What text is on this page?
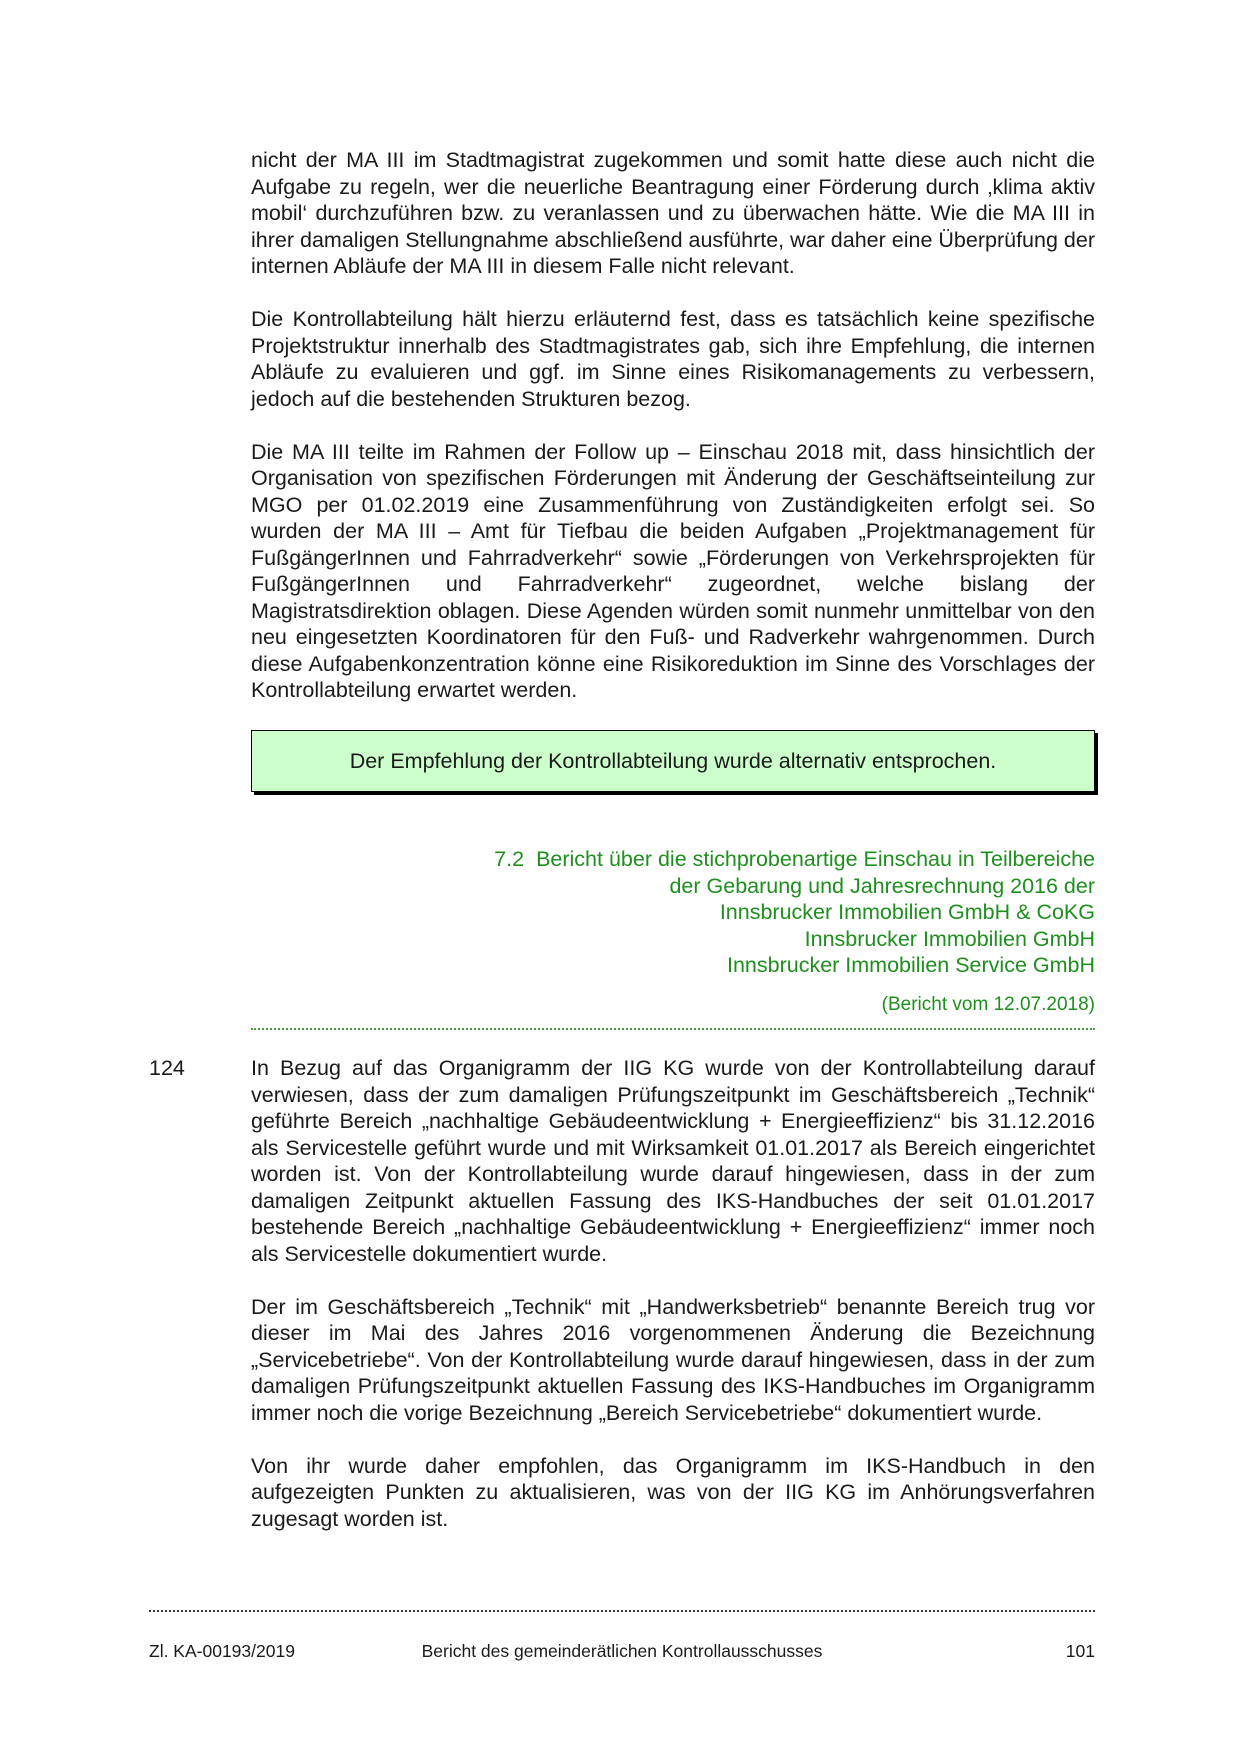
nicht der MA III im Stadtmagistrat zugekommen und somit hatte diese auch nicht die Aufgabe zu regeln, wer die neuerliche Beantragung einer Förderung durch ‚klima aktiv mobil‘ durchzuführen bzw. zu veranlassen und zu überwachen hätte. Wie die MA III in ihrer damaligen Stellungnahme abschließend ausführte, war daher eine Überprüfung der internen Abläufe der MA III in diesem Falle nicht relevant.

Die Kontrollabteilung hält hierzu erläuternd fest, dass es tatsächlich keine spezifische Projektstruktur innerhalb des Stadtmagistrates gab, sich ihre Empfehlung, die internen Abläufe zu evaluieren und ggf. im Sinne eines Risikomanagements zu verbessern, jedoch auf die bestehenden Strukturen bezog.

Die MA III teilte im Rahmen der Follow up – Einschau 2018 mit, dass hinsichtlich der Organisation von spezifischen Förderungen mit Änderung der Geschäftseinteilung zur MGO per 01.02.2019 eine Zusammenführung von Zuständigkeiten erfolgt sei. So wurden der MA III – Amt für Tiefbau die beiden Aufgaben „Projektmanagement für FußgängerInnen und Fahrradverkehr“ sowie „Förderungen von Verkehrsprojekten für FußgängerInnen und Fahrradverkehr“ zugeordnet, welche bislang der Magistratsdirektion oblagen. Diese Agenden würden somit nunmehr unmittelbar von den neu eingesetzten Koordinatoren für den Fuß- und Radverkehr wahrgenommen. Durch diese Aufgabenkonzentration könne eine Risikoreduktion im Sinne des Vorschlages der Kontrollabteilung erwartet werden.

Der Empfehlung der Kontrollabteilung wurde alternativ entsprochen.
7.2 Bericht über die stichprobenartige Einschau in Teilbereiche
der Gebarung und Jahresrechnung 2016 der
Innsbrucker Immobilien GmbH & CoKG
Innsbrucker Immobilien GmbH
Innsbrucker Immobilien Service GmbH
(Bericht vom 12.07.2018)
124	In Bezug auf das Organigramm der IIG KG wurde von der Kontrollabteilung darauf verwiesen, dass der zum damaligen Prüfungszeitpunkt im Geschäftsbereich „Technik“ geführte Bereich „nachhaltige Gebäudeentwicklung + Energieeffizienz“ bis 31.12.2016 als Servicestelle geführt wurde und mit Wirksamkeit 01.01.2017 als Bereich eingerichtet worden ist. Von der Kontrollabteilung wurde darauf hingewiesen, dass in der zum damaligen Zeitpunkt aktuellen Fassung des IKS-Handbuches der seit 01.01.2017 bestehende Bereich „nachhaltige Gebäudeentwicklung + Energieeffizienz“ immer noch als Servicestelle dokumentiert wurde.

Der im Geschäftsbereich „Technik“ mit „Handwerksbetrieb“ benannte Bereich trug vor dieser im Mai des Jahres 2016 vorgenommenen Änderung die Bezeichnung „Servicebetriebe“. Von der Kontrollabteilung wurde darauf hingewiesen, dass in der zum damaligen Prüfungszeitpunkt aktuellen Fassung des IKS-Handbuches im Organigramm immer noch die vorige Bezeichnung „Bereich Servicebetriebe“ dokumentiert wurde.

Von ihr wurde daher empfohlen, das Organigramm im IKS-Handbuch in den aufgezeigten Punkten zu aktualisieren, was von der IIG KG im Anhörungsverfahren zugesagt worden ist.

Zl. KA-00193/2019	Bericht des gemeinderätlichen Kontrollausschusses	101
